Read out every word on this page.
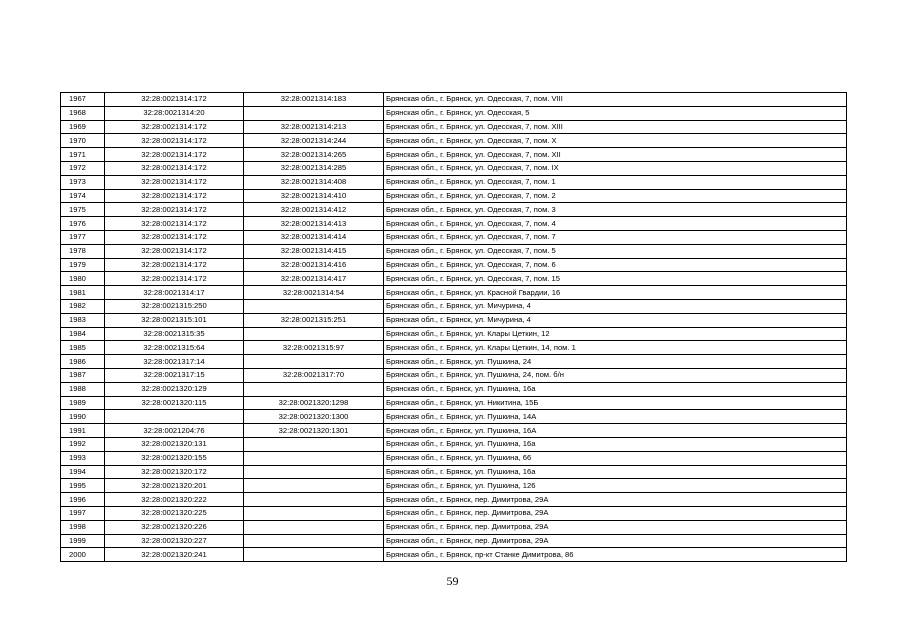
1967	32:28:0021314:172	32:28:0021314:183	Брянская обл., г. Брянск, ул. Одесская, 7, пом. VIII
1968	32:28:0021314:20		Брянская обл., г. Брянск, ул. Одесская, 5
1969	32:28:0021314:172	32:28:0021314:213	Брянская обл., г. Брянск, ул. Одесская, 7, пом. XIII
1970	32:28:0021314:172	32:28:0021314:244	Брянская обл., г. Брянск, ул. Одесская, 7, пом. X
1971	32:28:0021314:172	32:28:0021314:265	Брянская обл., г. Брянск, ул. Одесская, 7, пом. XII
1972	32:28:0021314:172	32:28:0021314:285	Брянская обл., г. Брянск, ул. Одесская, 7, пом. IX
1973	32:28:0021314:172	32:28:0021314:408	Брянская обл., г. Брянск, ул. Одесская, 7, пом. 1
1974	32:28:0021314:172	32:28:0021314:410	Брянская обл., г. Брянск, ул. Одесская, 7, пом. 2
1975	32:28:0021314:172	32:28:0021314:412	Брянская обл., г. Брянск, ул. Одесская, 7, пом. 3
1976	32:28:0021314:172	32:28:0021314:413	Брянская обл., г. Брянск, ул. Одесская, 7, пом. 4
1977	32:28:0021314:172	32:28:0021314:414	Брянская обл., г. Брянск, ул. Одесская, 7, пом. 7
1978	32:28:0021314:172	32:28:0021314:415	Брянская обл., г. Брянск, ул. Одесская, 7, пом. 5
1979	32:28:0021314:172	32:28:0021314:416	Брянская обл., г. Брянск, ул. Одесская, 7, пом. 6
1980	32:28:0021314:172	32:28:0021314:417	Брянская обл., г. Брянск, ул. Одесская, 7, пом. 15
1981	32:28:0021314:17	32:28:0021314:54	Брянская обл., г. Брянск, ул. Красной Гвардии, 16
1982	32:28:0021315:250		Брянская обл., г. Брянск, ул. Мичурина, 4
1983	32:28:0021315:101	32:28:0021315:251	Брянская обл., г. Брянск, ул. Мичурина, 4
1984	32:28:0021315:35		Брянская обл., г. Брянск, ул. Клары Цеткин, 12
1985	32:28:0021315:64	32:28:0021315:97	Брянская обл., г. Брянск, ул. Клары Цеткин, 14, пом. 1
1986	32:28:0021317:14		Брянская обл., г. Брянск, ул. Пушкина, 24
1987	32:28:0021317:15	32:28:0021317:70	Брянская обл., г. Брянск, ул. Пушкина, 24, пом. б/н
1988	32:28:0021320:129		Брянская обл., г. Брянск, ул. Пушкина, 16а
1989	32:28:0021320:115	32:28:0021320:1298	Брянская обл., г. Брянск, ул. Никитина, 15Б
1990		32:28:0021320:1300	Брянская обл., г. Брянск, ул. Пушкина, 14А
1991	32:28:0021204:76	32:28:0021320:1301	Брянская обл., г. Брянск, ул. Пушкина, 16А
1992	32:28:0021320:131		Брянская обл., г. Брянск, ул. Пушкина, 16а
1993	32:28:0021320:155		Брянская обл., г. Брянск, ул. Пушкина, 66
1994	32:28:0021320:172		Брянская обл., г. Брянск, ул. Пушкина, 16а
1995	32:28:0021320:201		Брянская обл., г. Брянск, ул. Пушкина, 126
1996	32:28:0021320:222		Брянская обл., г. Брянск, пер. Димитрова, 29А
1997	32:28:0021320:225		Брянская обл., г. Брянск, пер. Димитрова, 29А
1998	32:28:0021320:226		Брянская обл., г. Брянск, пер. Димитрова, 29А
1999	32:28:0021320:227		Брянская обл., г. Брянск, пер. Димитрова, 29А
2000	32:28:0021320:241		Брянская обл., г. Брянск, пр-кт Станке Димитрова, 86
59
